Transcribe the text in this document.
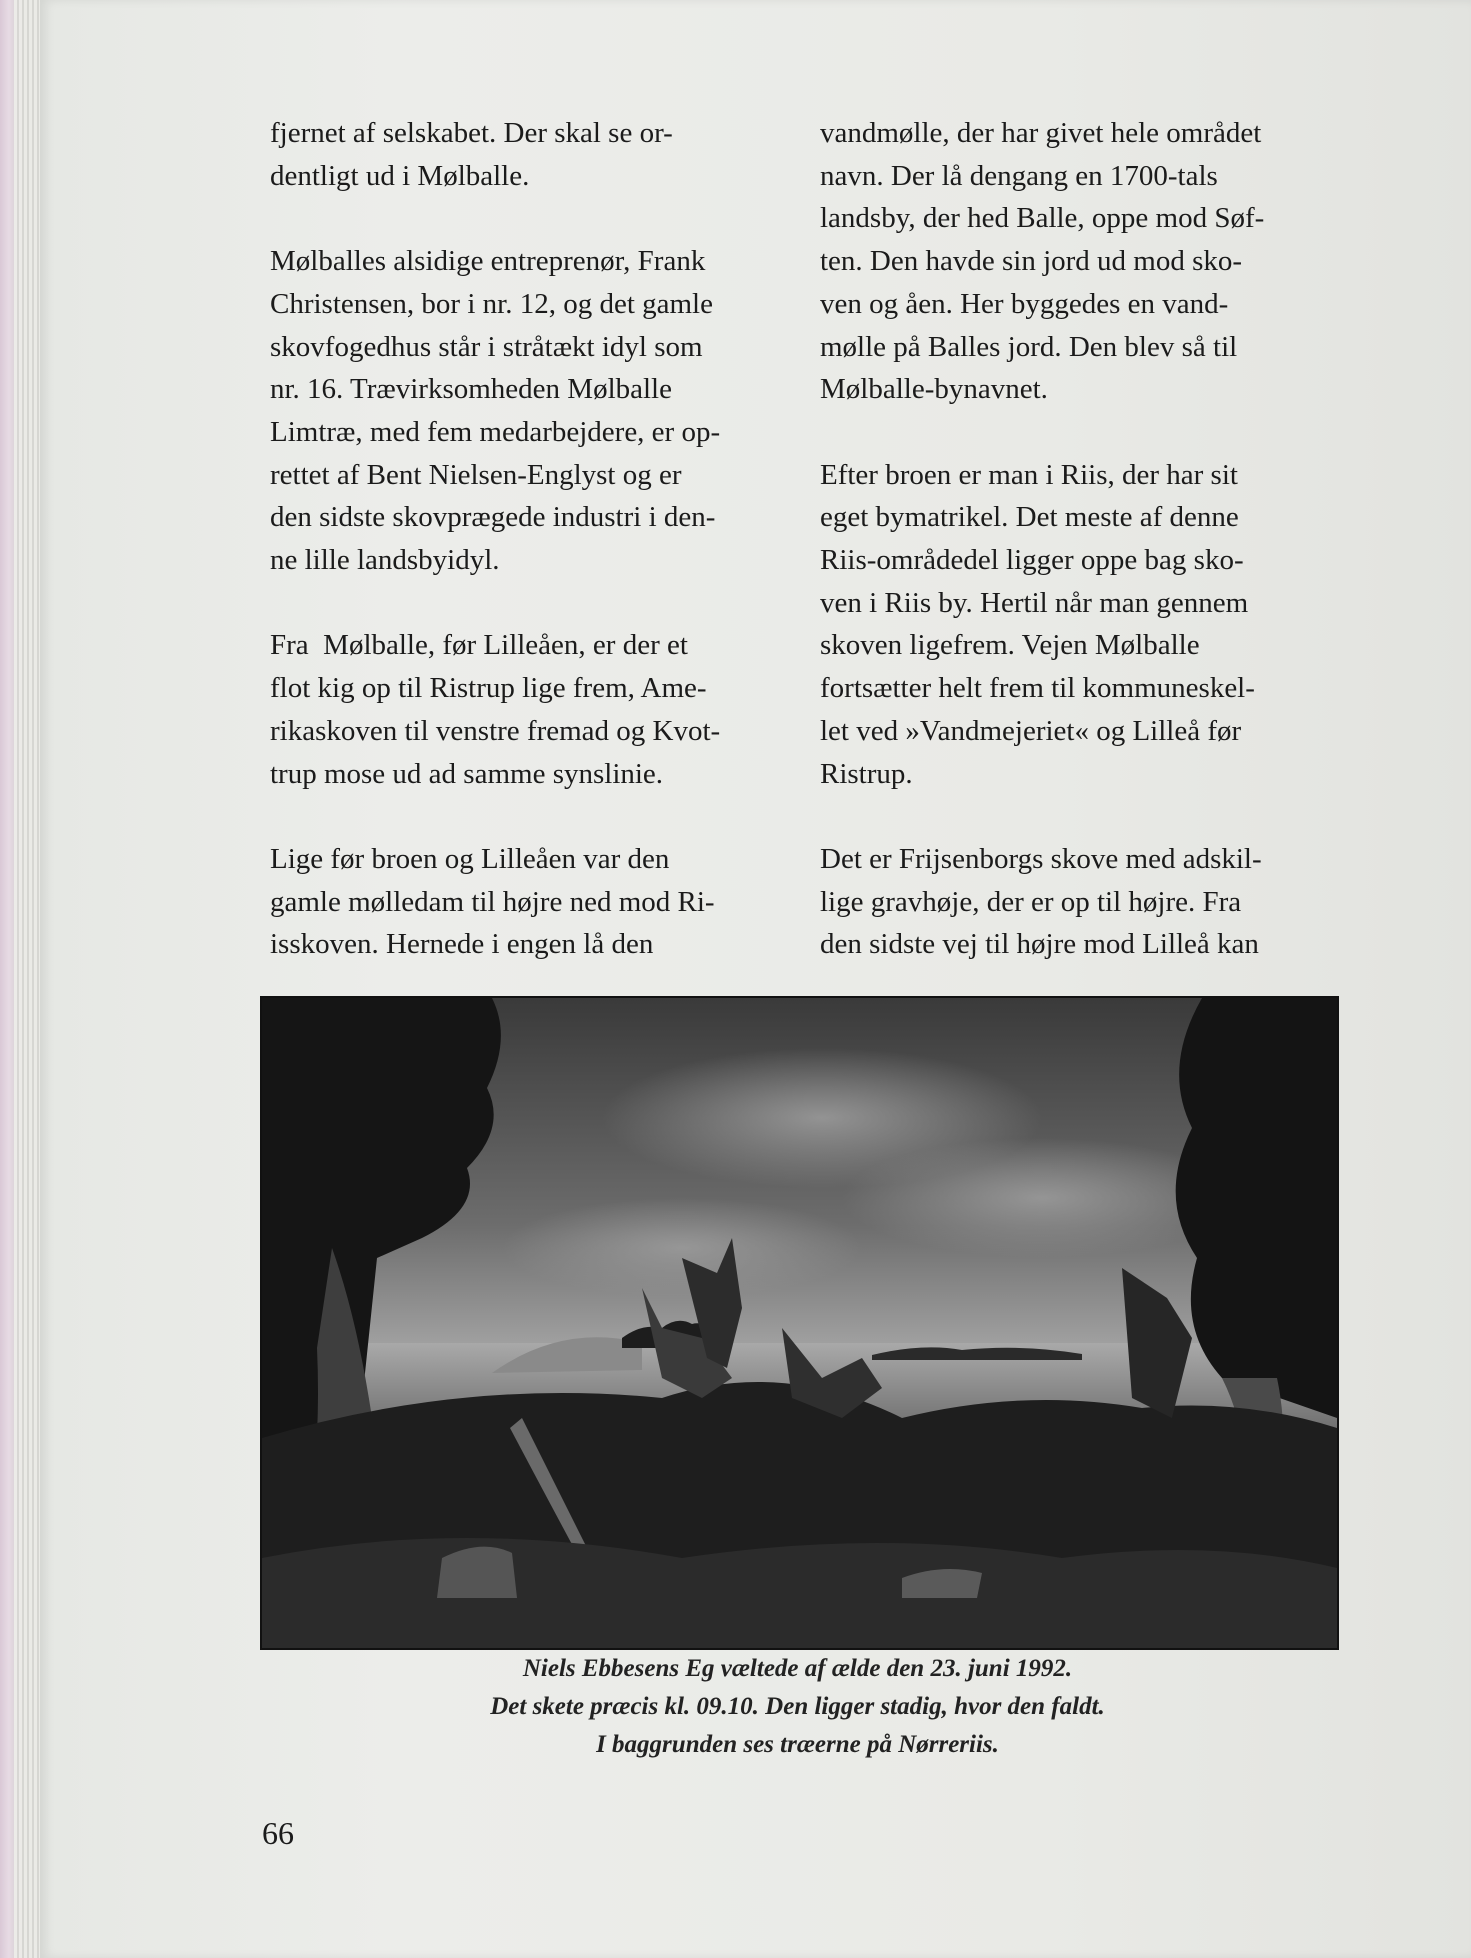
fjernet af selskabet. Der skal se or-

dentligt ud i Mølballe.

Mølballes alsidige entreprenør, Frank

Christensen, bor i nr. 12, og det gamle

skovfogedhus står i stråtækt idyl som

nr. 16. Trævirksomheden Mølballe

Limtræ, med fem medarbejdere, er op-

rettet af Bent Nielsen-Englyst og er

den sidste skovprægede industri i den-

ne lille landsbyidyl.

Fra  Mølballe, før Lilleåen, er der et

flot kig op til Ristrup lige frem, Ame-

rikaskoven til venstre fremad og Kvot-

trup mose ud ad samme synslinie.

Lige før broen og Lilleåen var den

gamle mølledam til højre ned mod Ri-

isskoven. Hernede i engen lå den

vandmølle, der har givet hele området

navn. Der lå dengang en 1700-tals

landsby, der hed Balle, oppe mod Søf-

ten. Den havde sin jord ud mod sko-

ven og åen. Her byggedes en vand-

mølle på Balles jord. Den blev så til

Mølballe-bynavnet.

Efter broen er man i Riis, der har sit

eget bymatrikel. Det meste af denne

Riis-områdedel ligger oppe bag sko-

ven i Riis by. Hertil når man gennem

skoven ligefrem. Vejen Mølballe

fortsætter helt frem til kommuneskel-

let ved »Vandmejeriet« og Lilleå før

Ristrup.

Det er Frijsenborgs skove med adskil-

lige gravhøje, der er op til højre. Fra

den sidste vej til højre mod Lilleå kan

Niels Ebbesens Eg væltede af ælde den 23. juni 1992.

Det skete præcis kl. 09.10. Den ligger stadig, hvor den faldt.

I baggrunden ses træerne på Nørreriis.

66
